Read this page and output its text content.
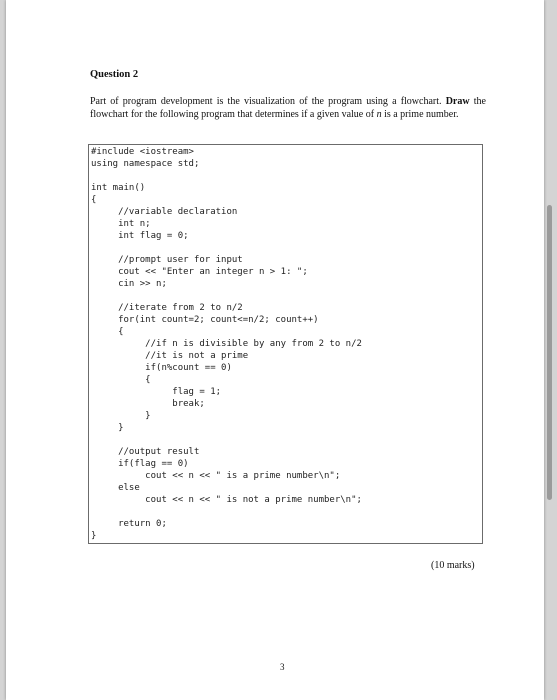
Question 2
Part of program development is the visualization of the program using a flowchart. Draw the flowchart for the following program that determines if a given value of n is a prime number.
#include <iostream>
using namespace std;
int main()
{
//variable declaration
int n;
int flag = 0;
//prompt user for input
cout << "Enter an integer n > 1: ";
cin >> n;
//iterate from 2 to n/2
for(int count=2; count<=n/2; count++)
{
//if n is divisible by any from 2 to n/2
//it is not a prime
if(n%count == 0)
{
flag = 1;
break;
}
}
//output result
if(flag == 0)
cout << n << " is a prime number\n";
else
cout << n << " is not a prime number\n";
return 0;
}
(10 marks)
3
